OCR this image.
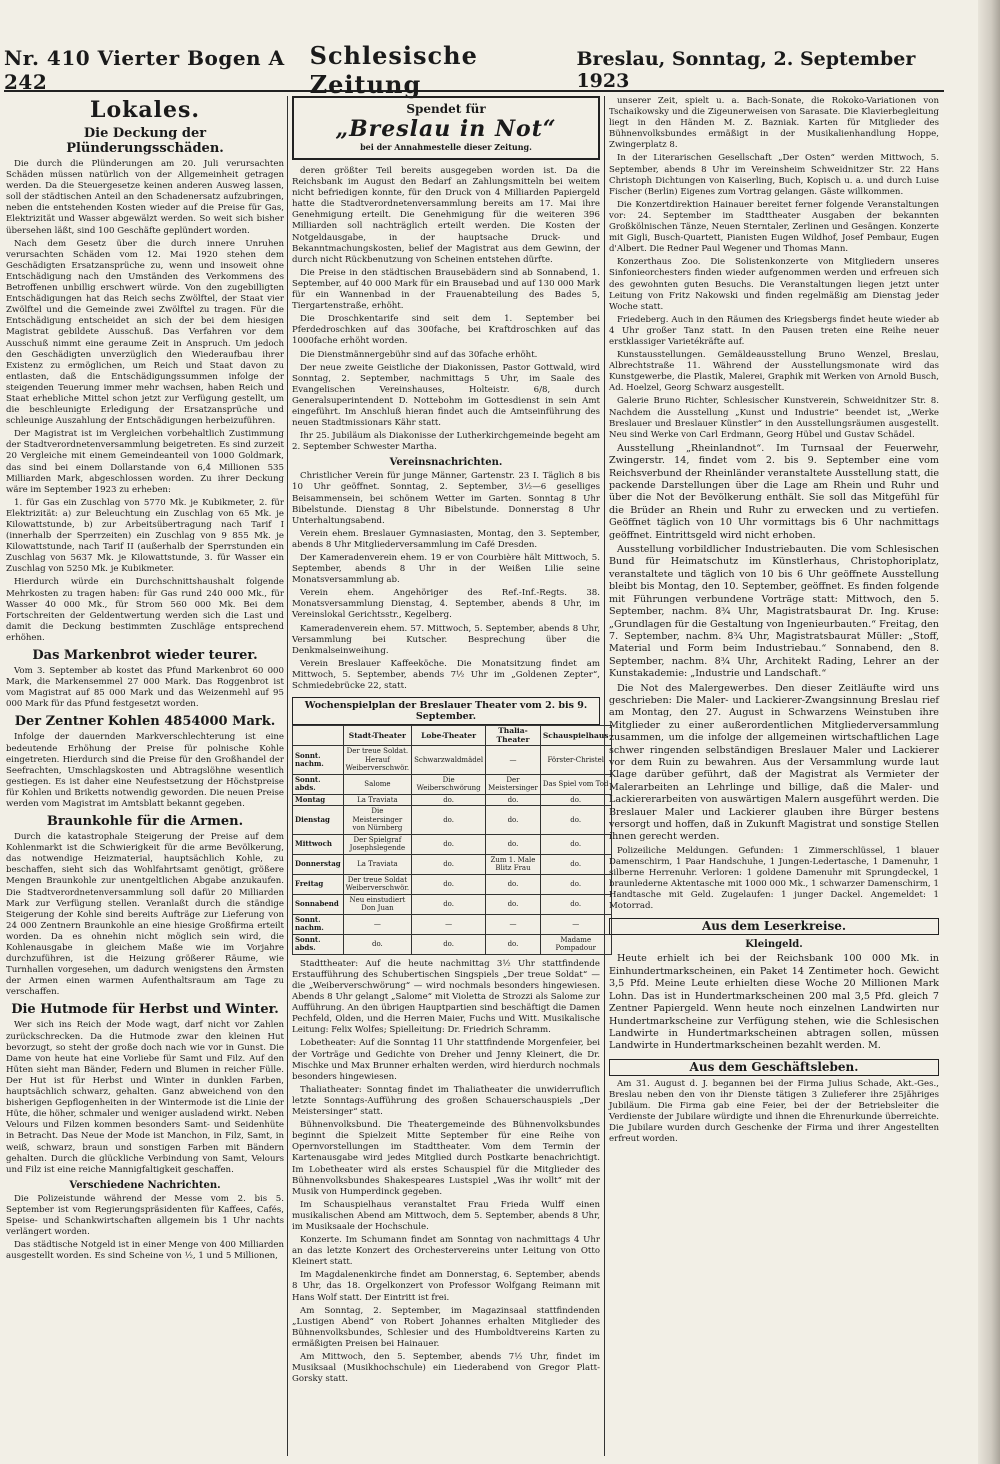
Nr. 410 Vierter Bogen A 242
Schlesische Zeitung
Breslau, Sonntag, 2. September 1923
Lokales.
Die Deckung der Plünderungsschäden.

Die durch die Plünderungen am 20. Juli verursachten Schäden müssen natürlich von der Allgemeinheit getragen werden. Da die Steuergesetze keinen anderen Ausweg lassen, soll der städtischen Anteil an den Schadenersatz aufzubringen, neben die entstehenden Kosten wieder auf die Preise für Gas, Elektrizität und Wasser abgewälzt werden. So weit sich bisher übersehen läßt, sind 100 Geschäfte geplündert worden.

Nach dem Gesetz über die durch innere Unruhen verursachten Schäden vom 12. Mai 1920 stehen dem Geschädigten Ersatzansprüche zu, wenn und insoweit ohne Entschädigung nach den Umständen des Verkommens des Betroffenen unbillig erschwert würde. Von den zugebilligten Entschädigungen hat das Reich sechs Zwölftel, der Staat vier Zwölftel und die Gemeinde zwei Zwölftel zu tragen. Für die Entschädigung entscheidet an sich der bei dem hiesigen Magistrat gebildete Ausschuß. Das Verfahren vor dem Ausschuß nimmt eine geraume Zeit in Anspruch. Um jedoch den Geschädigten unverzüglich den Wiederaufbau ihrer Existenz zu ermöglichen, um Reich und Staat davon zu entlasten, daß die Entschädigungssummen infolge der steigenden Teuerung immer mehr wachsen, haben Reich und Staat erhebliche Mittel schon jetzt zur Verfügung gestellt, um die beschleunigte Erledigung der Ersatzansprüche und schleunige Auszahlung der Entschädigungen herbeizuführen.

Der Magistrat ist im Vergleichen vorbehaltlich Zustimmung der Stadtverordnetenversammlung beigetreten. Es sind zurzeit 20 Vergleiche mit einem Gemeindeanteil von 1000 Goldmark, das sind bei einem Dollarstande von 6,4 Millionen 535 Milliarden Mark, abgeschlossen worden. Zu ihrer Deckung wäre im September 1923 zu erheben:

1. für Gas ein Zuschlag von 5770 Mk. je Kubikmeter, 2. für Elektrizität: a) zur Beleuchtung ein Zuschlag von 65 Mk. je Kilowattstunde, b) zur Arbeitsübertragung nach Tarif I (innerhalb der Sperrzeiten) ein Zuschlag von 9 855 Mk. je Kilowattstunde, nach Tarif II (außerhalb der Sperrstunden ein Zuschlag von 5637 Mk. je Kilowattstunde, 3. für Wasser ein Zuschlag von 5250 Mk. je Kubikmeter.

Hierdurch würde ein Durchschnittshaushalt folgende Mehrkosten zu tragen haben: für Gas rund 240 000 Mk., für Wasser 40 000 Mk., für Strom 560 000 Mk. Bei dem Fortschreiten der Geldentwertung werden sich die Last und damit die Deckung bestimmten Zuschläge entsprechend erhöhen.

Das Markenbrot wieder teurer.

Vom 3. September ab kostet das Pfund Markenbrot 60 000 Mark, die Markensemmel 27 000 Mark. Das Roggenbrot ist vom Magistrat auf 85 000 Mark und das Weizenmehl auf 95 000 Mark für das Pfund festgesetzt worden.

Der Zentner Kohlen 4854000 Mark.

Infolge der dauernden Markverschlechterung ist eine bedeutende Erhöhung der Preise für polnische Kohle eingetreten. Hierdurch sind die Preise für den Großhandel der Seefrachten, Umschlagskosten und Abtragslöhne wesentlich gestiegen. Es ist daher eine Neufestsetzung der Höchstpreise für Kohlen und Briketts notwendig geworden. Die neuen Preise werden vom Magistrat im Amtsblatt bekannt gegeben.

Braunkohle für die Armen.

Durch die katastrophale Steigerung der Preise auf dem Kohlenmarkt ist die Schwierigkeit für die arme Bevölkerung, das notwendige Heizmaterial, hauptsächlich Kohle, zu beschaffen, sieht sich das Wohlfahrtsamt genötigt, größere Mengen Braunkohle zur unentgeltlichen Abgabe anzukaufen. Die Stadtverordnetenversammlung soll dafür 20 Milliarden Mark zur Verfügung stellen. Veranlaßt durch die ständige Steigerung der Kohle sind bereits Aufträge zur Lieferung von 24 000 Zentnern Braunkohle an eine hiesige Großfirma erteilt worden. Da es ohnehin nicht möglich sein wird, die Kohlenausgabe in gleichem Maße wie im Vorjahre durchzuführen, ist die Heizung größerer Räume, wie Turnhallen vorgesehen, um dadurch wenigstens den Ärmsten der Armen einen warmen Aufenthaltsraum am Tage zu verschaffen.

Die Hutmode für Herbst und Winter.

Wer sich ins Reich der Mode wagt, darf nicht vor Zahlen zurückschrecken. Da die Hutmode zwar den kleinen Hut bevorzugt, so steht der große doch nach wie vor in Gunst. Die Dame von heute hat eine Vorliebe für Samt und Filz. Auf den Hüten sieht man Bänder, Federn und Blumen in reicher Fülle. Der Hut ist für Herbst und Winter in dunklen Farben, hauptsächlich schwarz, gehalten. Ganz abweichend von den bisherigen Gepflogenheiten in der Wintermode ist die Linie der Hüte, die höher, schmaler und weniger ausladend wirkt. Neben Velours und Filzen kommen besonders Samt- und Seidenhüte in Betracht. Das Neue der Mode ist Manchon, in Filz, Samt, in weiß, schwarz, braun und sonstigen Farben mit Bändern gehalten. Durch die glückliche Verbindung von Samt, Velours und Filz ist eine reiche Mannigfaltigkeit geschaffen.

Verschiedene Nachrichten.

Die Polizeistunde während der Messe vom 2. bis 5. September ist vom Regierungspräsidenten für Kaffees, Cafés, Speise- und Schankwirtschaften allgemein bis 1 Uhr nachts verlängert worden.

Das städtische Notgeld ist in einer Menge von 400 Milliarden ausgestellt worden. Es sind Scheine von ½, 1 und 5 Millionen,

Spendet für
„Breslau in Not“
bei der Annahmestelle dieser Zeitung.

deren größter Teil bereits ausgegeben worden ist. Da die Reichsbank im August den Bedarf an Zahlungsmitteln bei weitem nicht befriedigen konnte, für den Druck von 4 Milliarden Papiergeld hatte die Stadtverordnetenversammlung bereits am 17. Mai ihre Genehmigung erteilt. Die Genehmigung für die weiteren 396 Milliarden soll nachträglich erteilt werden. Die Kosten der Notgeldausgabe, in der hauptsache Druck- und Bekanntmachungskosten, belief der Magistrat aus dem Gewinn, der durch nicht Rückbenutzung von Scheinen entstehen dürfte.

Die Preise in den städtischen Brausebädern sind ab Sonnabend, 1. September, auf 40 000 Mark für ein Brausebad und auf 130 000 Mark für ein Wannenbad in der Frauenabteilung des Bades 5, Tiergartenstraße, erhöht.

Die Droschkentarife sind seit dem 1. September bei Pferdedroschken auf das 300fache, bei Kraftdroschken auf das 1000fache erhöht worden.

Die Dienstmännergebühr sind auf das 30fache erhöht.

Der neue zweite Geistliche der Diakonissen, Pastor Gottwald, wird Sonntag, 2. September, nachmittags 5 Uhr, im Saale des Evangelischen Vereinshauses, Holteistr. 6/8, durch Generalsuperintendent D. Nottebohm im Gottesdienst in sein Amt eingeführt. Im Anschluß hieran findet auch die Amtseinführung des neuen Stadtmissionars Kähr statt.

Ihr 25. Jubiläum als Diakonisse der Lutherkirchgemeinde begeht am 2. September Schwester Martha.

Vereinsnachrichten.

Christlicher Verein für junge Männer, Gartenstr. 23 I. Täglich 8 bis 10 Uhr geöffnet. Sonntag, 2. September, 3½—6 geselliges Beisammensein, bei schönem Wetter im Garten. Sonntag 8 Uhr Bibelstunde. Dienstag 8 Uhr Bibelstunde. Donnerstag 8 Uhr Unterhaltungsabend.

Verein ehem. Breslauer Gymnasiasten, Montag, den 3. September, abends 8 Uhr Mitgliederversammlung im Café Dresden.

Der Kameradenverein ehem. 19 er von Courbière hält Mittwoch, 5. September, abends 8 Uhr in der Weißen Lilie seine Monatsversammlung ab.

Verein ehem. Angehöriger des Ref.-Inf.-Regts. 38. Monatsversammlung Dienstag, 4. September, abends 8 Uhr, im Vereinslokal Gerichtsstr., Kegelberg.

Kameradenverein ehem. 57. Mittwoch, 5. September, abends 8 Uhr, Versammlung bei Kutscher. Besprechung über die Denkmalseinweihung.

Verein Breslauer Kaffeeköche. Die Monatsitzung findet am Mittwoch, 5. September, abends 7½ Uhr im „Goldenen Zepter“, Schmiedebrücke 22, statt.

Wochenspielplan der Breslauer Theater vom 2. bis 9. September.
	Stadt-Theater	Lobe-Theater	Thalia-Theater	Schauspielhaus
Sonnt. nachm.	Der treue Soldat. Herauf Weiberverschwör.	Schwarzwaldmädel	—	Förster-Christel
Sonnt. abds.	Salome	Die Weiberschwörung	Der Meistersinger	Das Spiel vom Tod
Montag	La Traviata	do.	do.	do.
Dienstag	Die Meistersinger von Nürnberg	do.	do.	do.
Mittwoch	Der Spielgraf Josephslegende	do.	do.	do.
Donnerstag	La Traviata	do.	Zum 1. Male Blitz Frau	do.
Freitag	Der treue Soldat Weiberverschwör.	do.	do.	do.
Sonnabend	Neu einstudiert Don Juan	do.	do.	do.
Sonnt. nachm.	—	—	—	—
Sonnt. abds.	do.	do.	do.	Madame Pompadour

Stadttheater: Auf die heute nachmittag 3½ Uhr stattfindende Erstaufführung des Schubertischen Singspiels „Der treue Soldat“ — die „Weiberverschwörung“ — wird nochmals besonders hingewiesen. Abends 8 Uhr gelangt „Salome“ mit Violetta de Strozzi als Salome zur Aufführung. An den übrigen Hauptpartien sind beschäftigt die Damen Pechfeld, Olden, und die Herren Maier, Fuchs und Witt. Musikalische Leitung: Felix Wolfes; Spielleitung: Dr. Friedrich Schramm.

Lobetheater: Auf die Sonntag 11 Uhr stattfindende Morgenfeier, bei der Vorträge und Gedichte von Dreher und Jenny Kleinert, die Dr. Mischke und Max Brunner erhalten werden, wird hierdurch nochmals besonders hingewiesen.

Thaliatheater: Sonntag findet im Thaliatheater die unwiderruflich letzte Sonntags-Aufführung des großen Schauerschauspiels „Der Meistersinger“ statt.

Bühnenvolksbund. Die Theatergemeinde des Bühnenvolksbundes beginnt die Spielzeit Mitte September für eine Reihe von Opernvorstellungen im Stadttheater. Vom dem Termin der Kartenausgabe wird jedes Mitglied durch Postkarte benachrichtigt. Im Lobetheater wird als erstes Schauspiel für die Mitglieder des Bühnenvolksbundes Shakespeares Lustspiel „Was ihr wollt“ mit der Musik von Humperdinck gegeben.

Im Schauspielhaus veranstaltet Frau Frieda Wulff einen musikalischen Abend am Mittwoch, dem 5. September, abends 8 Uhr, im Musiksaale der Hochschule.

Konzerte. Im Schumann findet am Sonntag von nachmittags 4 Uhr an das letzte Konzert des Orchestervereins unter Leitung von Otto Kleinert statt.

Im Magdalenenkirche findet am Donnerstag, 6. September, abends 8 Uhr, das 18. Orgelkonzert von Professor Wolfgang Reimann mit Hans Wolf statt. Der Eintritt ist frei.

Am Sonntag, 2. September, im Magazinsaal stattfindenden „Lustigen Abend“ von Robert Johannes erhalten Mitglieder des Bühnenvolksbundes, Schlesier und des Humboldtvereins Karten zu ermäßigten Preisen bei Hainauer.

Am Mittwoch, den 5. September, abends 7½ Uhr, findet im Musiksaal (Musikhochschule) ein Liederabend von Gregor Platt-Gorsky statt.

unserer Zeit, spielt u. a. Bach-Sonate, die Rokoko-Variationen von Tschaikowsky und die Zigeunerweisen von Sarasate. Die Klavierbegleitung liegt in den Händen M. Z. Bazniak. Karten für Mitglieder des Bühnenvolksbundes ermäßigt in der Musikalienhandlung Hoppe, Zwingerplatz 8.

In der Literarischen Gesellschaft „Der Osten“ werden Mittwoch, 5. September, abends 8 Uhr im Vereinsheim Schweidnitzer Str. 22 Hans Christoph Dichtungen von Kaiserling, Buch, Kopisch u. a. und durch Luise Fischer (Berlin) Eigenes zum Vortrag gelangen. Gäste willkommen.

Die Konzertdirektion Hainauer bereitet ferner folgende Veranstaltungen vor: 24. September im Stadttheater Ausgaben der bekannten Großkölnischen Tänze, Neuen Sterntaler, Zerlinen und Gesängen. Konzerte mit Gigli, Busch-Quartett, Pianisten Eugen Wildhof, Josef Pembaur, Eugen d'Albert. Die Redner Paul Wegener und Thomas Mann.

Konzerthaus Zoo. Die Solistenkonzerte von Mitgliedern unseres Sinfonieorchesters finden wieder aufgenommen werden und erfreuen sich des gewohnten guten Besuchs. Die Veranstaltungen liegen jetzt unter Leitung von Fritz Nakowski und finden regelmäßig am Dienstag jeder Woche statt.

Friedeberg. Auch in den Räumen des Kriegsbergs findet heute wieder ab 4 Uhr großer Tanz statt. In den Pausen treten eine Reihe neuer erstklassiger Varietékräfte auf.

Kunstausstellungen. Gemäldeausstellung Bruno Wenzel, Breslau, Albrechtstraße 11. Während der Ausstellungsmonate wird das Kunstgewerbe, die Plastik, Malerei, Graphik mit Werken von Arnold Busch, Ad. Hoelzel, Georg Schwarz ausgestellt.

Galerie Bruno Richter, Schlesischer Kunstverein, Schweidnitzer Str. 8. Nachdem die Ausstellung „Kunst und Industrie“ beendet ist, „Werke Breslauer und Breslauer Künstler“ in den Ausstellungsräumen ausgestellt. Neu sind Werke von Carl Erdmann, Georg Hübel und Gustav Schädel.

Ausstellung „Rheinlandnot“. Im Turnsaal der Feuerwehr, Zwingerstr. 14, findet vom 2. bis 9. September eine vom Reichsverbund der Rheinländer veranstaltete Ausstellung statt, die packende Darstellungen über die Lage am Rhein und Ruhr und über die Not der Bevölkerung enthält. Sie soll das Mitgefühl für die Brüder an Rhein und Ruhr zu erwecken und zu vertiefen. Geöffnet täglich von 10 Uhr vormittags bis 6 Uhr nachmittags geöffnet. Eintrittsgeld wird nicht erhoben.

Ausstellung vorbildlicher Industriebauten. Die vom Schlesischen Bund für Heimatschutz im Künstlerhaus, Christophoriplatz, veranstaltete und täglich von 10 bis 6 Uhr geöffnete Ausstellung bleibt bis Montag, den 10. September, geöffnet. Es finden folgende mit Führungen verbundene Vorträge statt: Mittwoch, den 5. September, nachm. 8¾ Uhr, Magistratsbaurat Dr. Ing. Kruse: „Grundlagen für die Gestaltung von Ingenieurbauten.“ Freitag, den 7. September, nachm. 8¾ Uhr, Magistratsbaurat Müller: „Stoff, Material und Form beim Industriebau.“ Sonnabend, den 8. September, nachm. 8¾ Uhr, Architekt Rading, Lehrer an der Kunstakademie: „Industrie und Landschaft.“

Die Not des Malergewerbes. Den dieser Zeitläufte wird uns geschrieben: Die Maler- und Lackierer-Zwangsinnung Breslau rief am Montag, den 27. August in Schwarzens Weinstuben ihre Mitglieder zu einer außerordentlichen Mitgliederversammlung zusammen, um die infolge der allgemeinen wirtschaftlichen Lage schwer ringenden selbständigen Breslauer Maler und Lackierer vor dem Ruin zu bewahren. Aus der Versammlung wurde laut Klage darüber geführt, daß der Magistrat als Vermieter der Malerarbeiten an Lehrlinge und billige, daß die Maler- und Lackiererarbeiten von auswärtigen Malern ausgeführt werden. Die Breslauer Maler und Lackierer glauben ihre Bürger bestens versorgt und hoffen, daß in Zukunft Magistrat und sonstige Stellen ihnen gerecht werden.

Polizeiliche Meldungen. Gefunden: 1 Zimmerschlüssel, 1 blauer Damenschirm, 1 Paar Handschuhe, 1 Jungen-Ledertasche, 1 Damenuhr, 1 silberne Herrenuhr. Verloren: 1 goldene Damenuhr mit Sprungdeckel, 1 braunlederne Aktentasche mit 1000 000 Mk., 1 schwarzer Damenschirm, 1 Handtasche mit Geld. Zugelaufen: 1 junger Dackel. Angemeldet: 1 Motorrad.

Aus dem Leserkreise.
Kleingeld.

Heute erhielt ich bei der Reichsbank 100 000 Mk. in Einhundertmarkscheinen, ein Paket 14 Zentimeter hoch. Gewicht 3,5 Pfd. Meine Leute erhielten diese Woche 20 Millionen Mark Lohn. Das ist in Hundertmarkscheinen 200 mal 3,5 Pfd. gleich 7 Zentner Papiergeld. Wenn heute noch einzelnen Landwirten nur Hundertmarkscheine zur Verfügung stehen, wie die Schlesischen Landwirte in Hundertmarkscheinen abtragen sollen, müssen Landwirte in Hundertmarkscheinen bezahlt werden. M.

Aus dem Geschäftsleben.

Am 31. August d. J. begannen bei der Firma Julius Schade, Akt.-Ges., Breslau neben den von ihr Dienste tätigen 3 Zulieferer ihre 25jähriges Jubiläum. Die Firma gab eine Feier, bei der der Betriebsleiter die Verdienste der Jubilare würdigte und ihnen die Ehrenurkunde überreichte. Die Jubilare wurden durch Geschenke der Firma und ihrer Angestellten erfreut worden.
